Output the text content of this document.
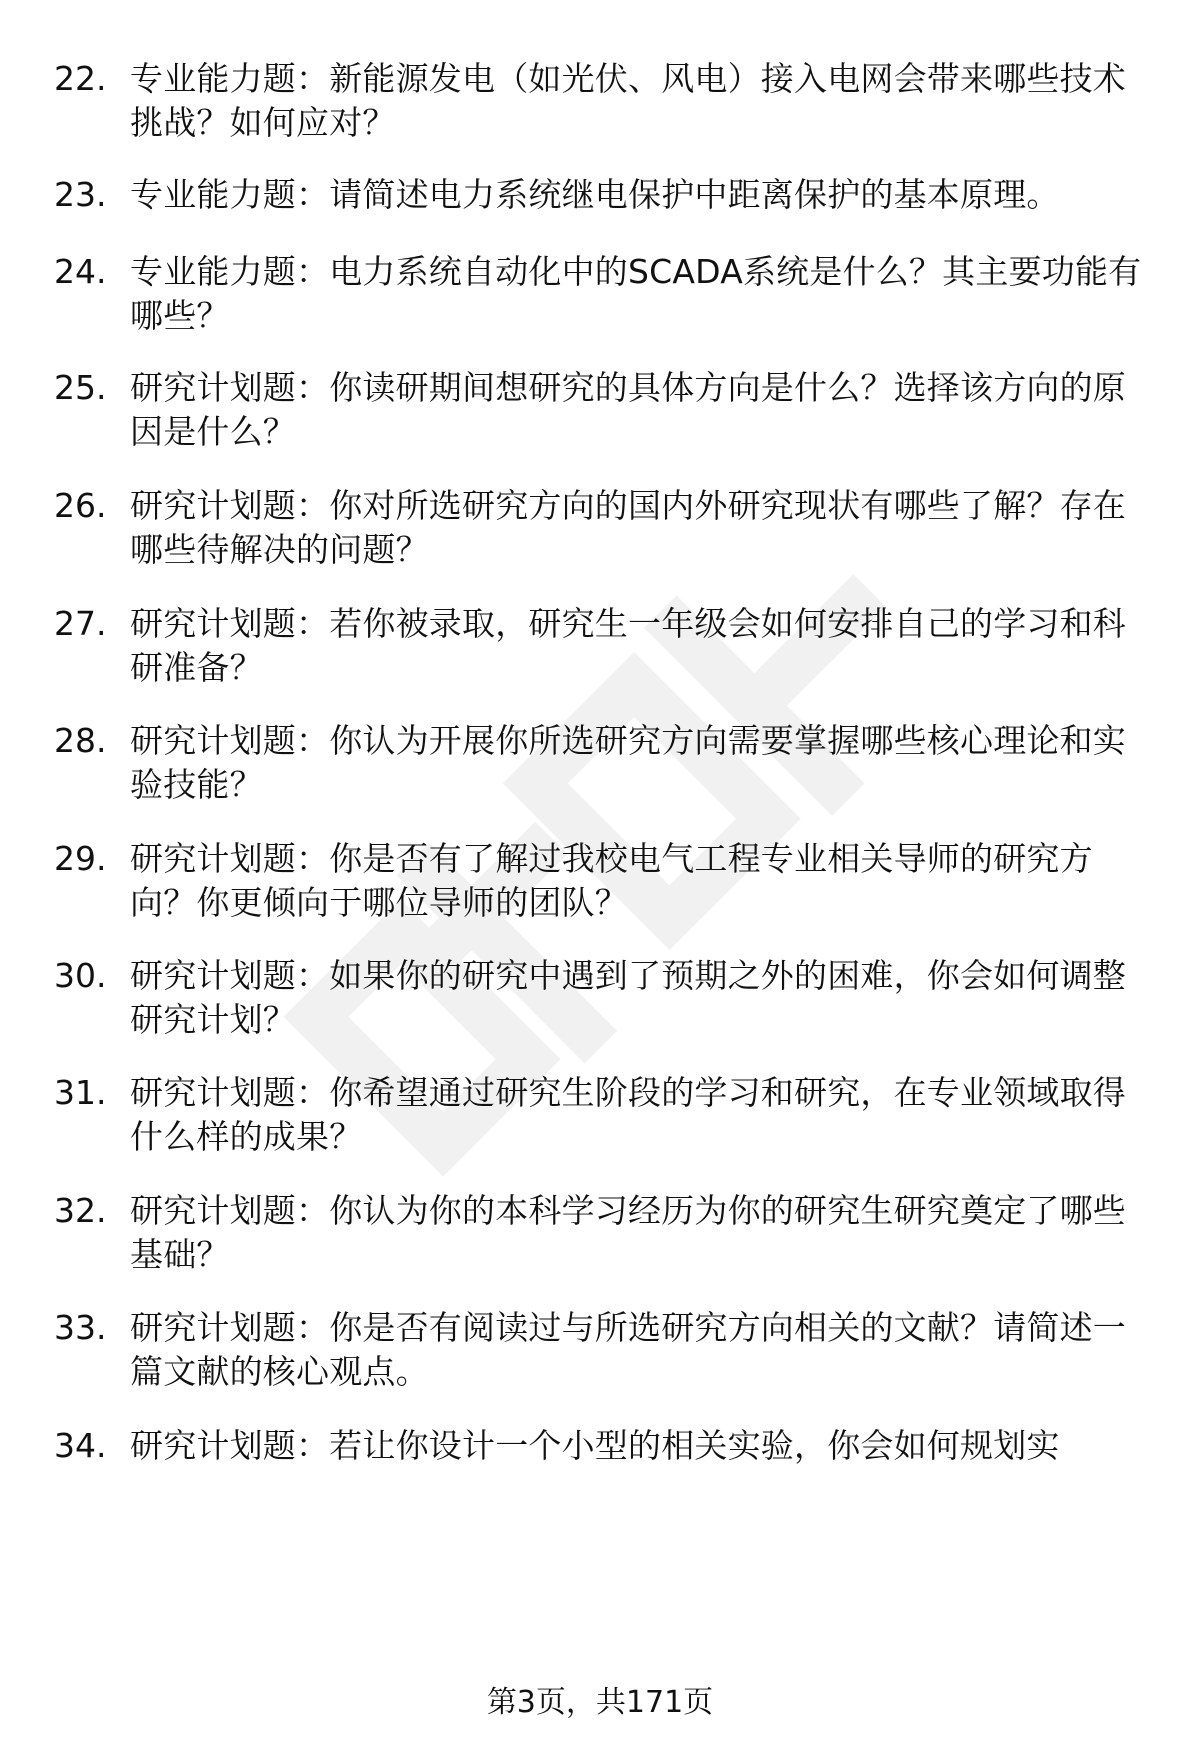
22. 专业能力题：新能源发电（如光伏、风电）接入电网会带来哪些技术挑战？如何应对？
23. 专业能力题：请简述电力系统继电保护中距离保护的基本原理。
24. 专业能力题：电力系统自动化中的SCADA系统是什么？其主要功能有哪些？
25. 研究计划题：你读研期间想研究的具体方向是什么？选择该方向的原因是什么？
26. 研究计划题：你对所选研究方向的国内外研究现状有哪些了解？存在哪些待解决的问题？
27. 研究计划题：若你被录取，研究生一年级会如何安排自己的学习和科研准备？
28. 研究计划题：你认为开展你所选研究方向需要掌握哪些核心理论和实验技能？
29. 研究计划题：你是否有了解过我校电气工程专业相关导师的研究方向？你更倾向于哪位导师的团队？
30. 研究计划题：如果你的研究中遇到了预期之外的困难，你会如何调整研究计划？
31. 研究计划题：你希望通过研究生阶段的学习和研究，在专业领域取得什么样的成果？
32. 研究计划题：你认为你的本科学习经历为你的研究生研究奠定了哪些基础？
33. 研究计划题：你是否有阅读过与所选研究方向相关的文献？请简述一篇文献的核心观点。
34. 研究计划题：若让你设计一个小型的相关实验，你会如何规划实
第3页，共171页
